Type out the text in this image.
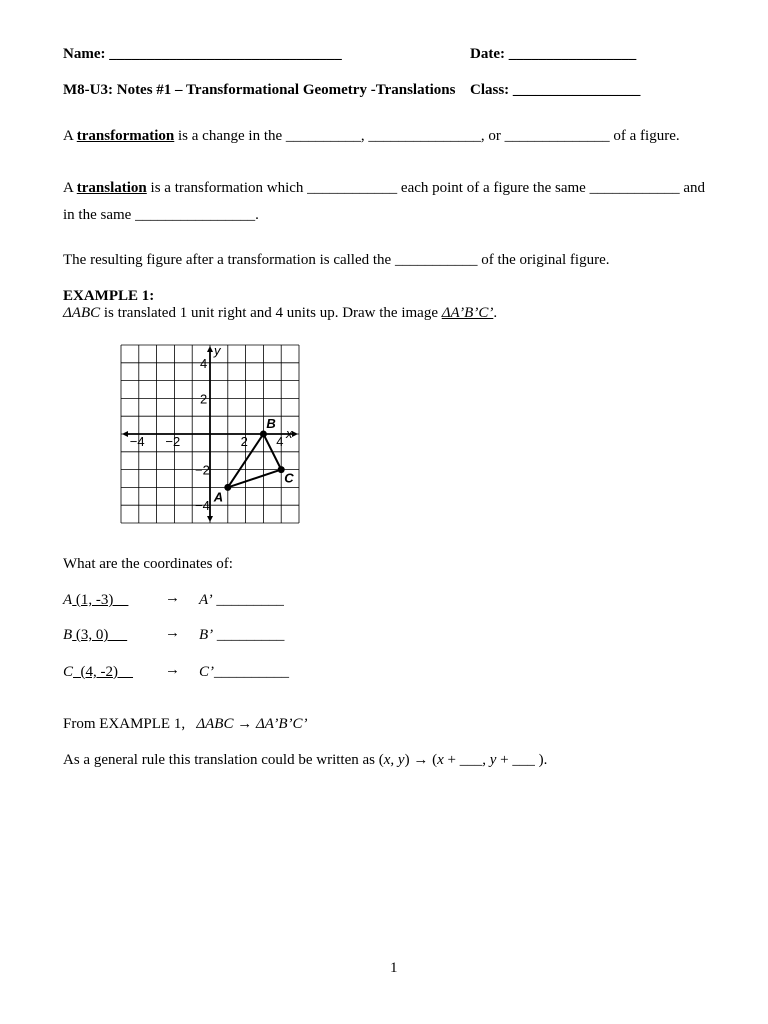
Name: _______________________________	Date: _________________
M8-U3: Notes #1 – Transformational Geometry -Translations Class: _________________
A transformation is a change in the __________, _______________, or ______________ of a figure.
A translation is a transformation which ____________ each point of a figure the same ____________ and
in the same ________________.
The resulting figure after a transformation is called the ___________ of the original figure.
EXAMPLE 1:
ΔABC is translated 1 unit right and 4 units up. Draw the image ΔA’B’C’.
−4 −2	2 4
4
2
−2
−4
A
B
C
x
y
What are the coordinates of:
A (1, -3) → A’ _________
B (3, 0)	→ B’ _________
C  (4, -2) → C’__________
From EXAMPLE 1, ΔABC → ΔA’B’C’
As a general rule this translation could be written as (x, y) → (x + ___, y + ___ ).
1
